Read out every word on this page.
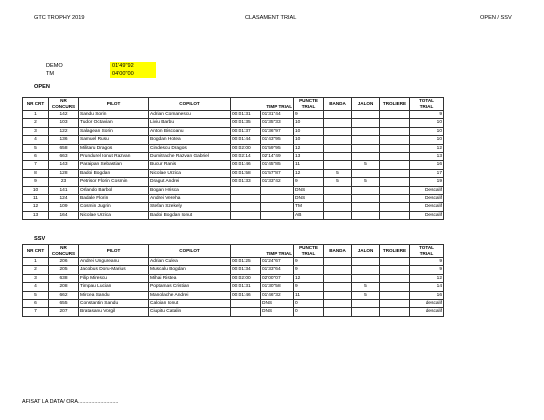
GTC TROPHY 2019	CLASAMENT TRIAL	OPEN / SSV
DEMO	01'49"92
TM	04'00"00
OPEN
NR CRT	NR
CONCURS	PILOT	COPILOT	TIMP TRIAL		PUNCTE
TRIAL	BANDA	JALON	TROLIERE	TOTAL
TRIAL
1	142	Sandu Sorin	Adrian Comanescu	00:01:31	01'31"44	9				9
2	103	Tudor Octavian	Liviu Barbu	00:01:35	01'35"33	10				10
3	122	Salagean Sorin	Anton Biscoanu	00:01:37	01'36"97	10				10
4	136	Samuel Rusu	Bogdan Hotea	00:01:44	01'43"95	10				10
5	658	Militaru Dragos	Cindescu Dragos	00:02:00	01'59"95	12				12
6	663	Prundurel Ionut Razvan	Dumitrache Razvan Gabriel	00:02:14	02'14"49	13				13
7	143	Paraipan Sebastian	Bucur Ranis	00:01:46	01'45"85	11		5		16
8	128	Badoi Bogdan	Nicolae Urzica	00:01:58	01'57"87	12	5			17
9	23	Petrisor Florin Cosmin	Dragut Andrei	00:01:33	01'33"42	9	5	5		19
10	141	Orlando Barbol	Bogan Hrisca			DNS				Descalif
11	124	Badale Florin	Andrei Vereha			DNS				Descalif
12	109	Cosmin Jugrin	Stefan Szekely			TM				Descalif
13	164	Nicolae Urzica	Badoi Bogdan Ionut			AB				Descalif
SSV
NR CRT	NR
CONCURS	PILOT	COPILOT	TIMP TRIAL		PUNCTE
TRIAL	BANDA	JALON	TROLIERE	TOTAL
TRIAL
1	206	Andrei Ungureanu	Adrian Culea	00:01:25	01'24"67	9				9
2	205	Jacobus Doru-Marius	Muscalu Bogdan	00:01:34	01'33"64	9				9
3	638	Filip Mirescu	Mihai Ristea	00:02:00	02'00"07	12				12
4	208	Timpau Lucian	Poptamas Cristian	00:01:31	01'30"58	9		5		14
5	662	Mircea Sandu	Manolache Andrei	00:01:46	01'46"32	11		5		16
6	655	Constantin Sandu	Caloian Ionut		DNS	0				descalif
7	207	Bratasanu Vorgil	Ciupitu Catalin		DNS	0				descalif
AFISAT LA DATA/ ORA...........................
